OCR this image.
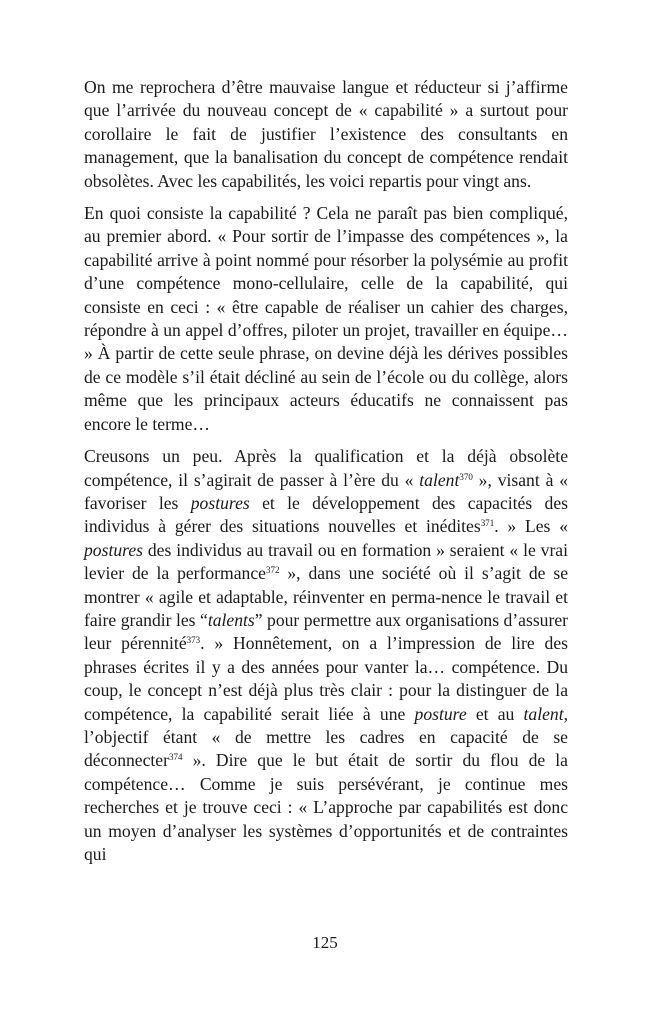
On me reprochera d’être mauvaise langue et réducteur si j’affirme que l’arrivée du nouveau concept de « capabilité » a surtout pour corollaire le fait de justifier l’existence des consultants en management, que la banalisation du concept de compétence rendait obsolètes. Avec les capabilités, les voici repartis pour vingt ans.

En quoi consiste la capabilité ? Cela ne paraît pas bien compliqué, au premier abord. « Pour sortir de l’impasse des compétences », la capabilité arrive à point nommé pour résorber la polysémie au profit d’une compétence mono-cellulaire, celle de la capabilité, qui consiste en ceci : « être capable de réaliser un cahier des charges, répondre à un appel d’offres, piloter un projet, travailler en équipe… » À partir de cette seule phrase, on devine déjà les dérives possibles de ce modèle s’il était décliné au sein de l’école ou du collège, alors même que les principaux acteurs éducatifs ne connaissent pas encore le terme…

Creusons un peu. Après la qualification et la déjà obsolète compétence, il s’agirait de passer à l’ère du « talent$^{370}$ », visant à « favoriser les postures et le développement des capacités des individus à gérer des situations nouvelles et inédites$^{371}$. » Les « postures des individus au travail ou en formation » seraient « le vrai levier de la performance$^{372}$ », dans une société où il s’agit de se montrer « agile et adaptable, réinventer en perma-nence le travail et faire grandir les “talents” pour permettre aux organisations d’assurer leur pérennité$^{373}$. » Honnêtement, on a l’impression de lire des phrases écrites il y a des années pour vanter la… compétence. Du coup, le concept n’est déjà plus très clair : pour la distinguer de la compétence, la capabilité serait liée à une posture et au talent, l’objectif étant « de mettre les cadres en capacité de se déconnecter$^{374}$ ». Dire que le but était de sortir du flou de la compétence… Comme je suis persévérant, je continue mes recherches et je trouve ceci : « L’approche par capabilités est donc un moyen d’analyser les systèmes d’opportunités et de contraintes qui

125
